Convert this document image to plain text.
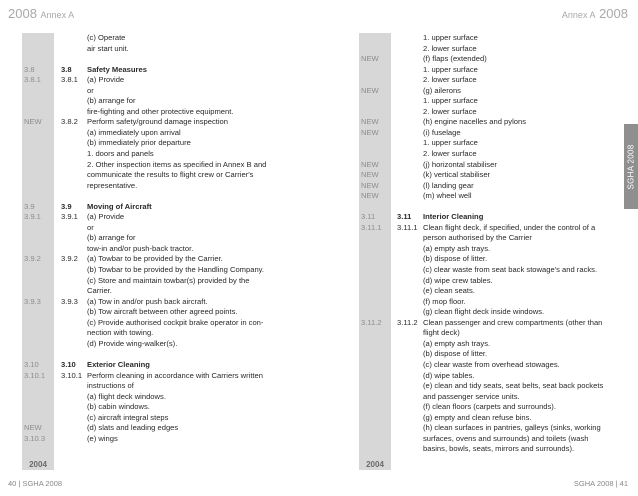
2008 Annex A	Annex A 2008
2004	2004
SGHA 2008
(c) Operate
air start unit.
3.8	3.8 Safety Measures
3.8.1	3.8.1 (a) Provide
or
(b) arrange for
fire-fighting and other protective equipment.
NEW	3.8.2 Perform safety/ground damage inspection
(a) immediately upon arrival
(b) immediately prior departure
1. doors and panels
2. Other inspection items as specified in Annex B and
communicate the results to flight crew or Carrier's
representative.
3.9	3.9 Moving of Aircraft
3.9.1	3.9.1 (a) Provide
or
(b) arrange for
tow-in and/or push-back tractor.
3.9.2	3.9.2 (a) Towbar to be provided by the Carrier.
(b) Towbar to be provided by the Handling Company.
(c) Store and maintain towbar(s) provided by the
Carrier.
3.9.3	3.9.3 (a) Tow in and/or push back aircraft.
(b) Tow aircraft between other agreed points.
(c) Provide authorised cockpit brake operator in con-
nection with towing.
(d) Provide wing-walker(s).
3.10	3.10 Exterior Cleaning
3.10.1 3.10.1 Perform cleaning in accordance with Carriers written
instructions of
(a) flight deck windows.
(b) cabin windows.
(c) aircraft integral steps
NEW	(d) slats and leading edges
3.10.3	(e) wings
1. upper surface
2. lower surface
NEW	(f) flaps (extended)
1. upper surface
2. lower surface
NEW	(g) ailerons
1. upper surface
2. lower surface
NEW	(h) engine nacelles and pylons
NEW	(i) fuselage
1. upper surface
2. lower surface
NEW	(j) horizontal stabiliser
NEW	(k) vertical stabiliser
NEW	(l) landing gear
NEW	(m) wheel well
3.11	3.11 Interior Cleaning
3.11.1 3.11.1 Clean flight deck, if specified, under the control of a
person authorised by the Carrier
(a) empty ash trays.
(b) dispose of litter.
(c) clear waste from seat back stowage's and racks.
(d) wipe crew tables.
(e) clean seats.
(f) mop floor.
(g) clean flight deck inside windows.
3.11.2 3.11.2 Clean passenger and crew compartments (other than
flight deck)
(a) empty ash trays.
(b) dispose of litter.
(c) clear waste from overhead stowages.
(d) wipe tables.
(e) clean and tidy seats, seat belts, seat back pockets
and passenger service units.
(f) clean floors (carpets and surrounds).
(g) empty and clean refuse bins.
(h) clean surfaces in pantries, galleys (sinks, working
surfaces, ovens and surrounds) and toilets (wash
basins, bowls, seats, mirrors and surrounds).
40 | SGHA 2008	SGHA 2008 | 41
